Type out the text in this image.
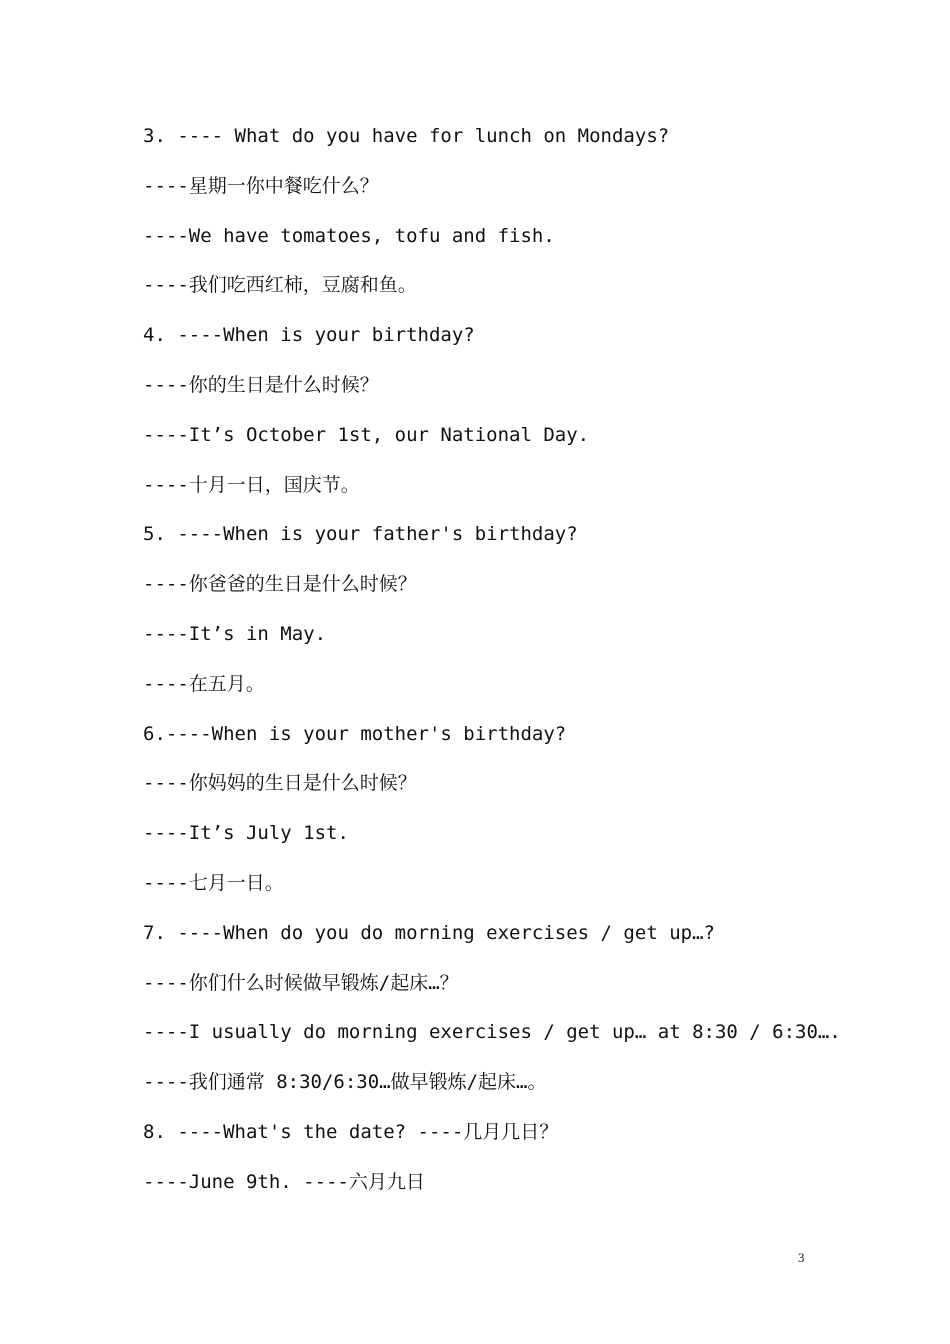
3. ---- What do you have for lunch on Mondays?
----星期一你中餐吃什么？
----We have tomatoes, tofu and fish.
----我们吃西红柿，豆腐和鱼。
4. ----When is your birthday?
----你的生日是什么时候？
----It’s October 1st, our National Day.
----十月一日，国庆节。
5. ----When is your father's birthday?
----你爸爸的生日是什么时候？
----It’s in May.
----在五月。
6.----When is your mother's birthday?
----你妈妈的生日是什么时候？
----It’s July 1st.
----七月一日。
7. ----When do you do morning exercises / get up…?
----你们什么时候做早锻炼/起床…？
----I usually do morning exercises / get up… at 8:30 / 6:30….
----我们通常 8:30/6:30…做早锻炼/起床…。
8. ----What's the date? ----几月几日？
----June 9th. ----六月九日
3
